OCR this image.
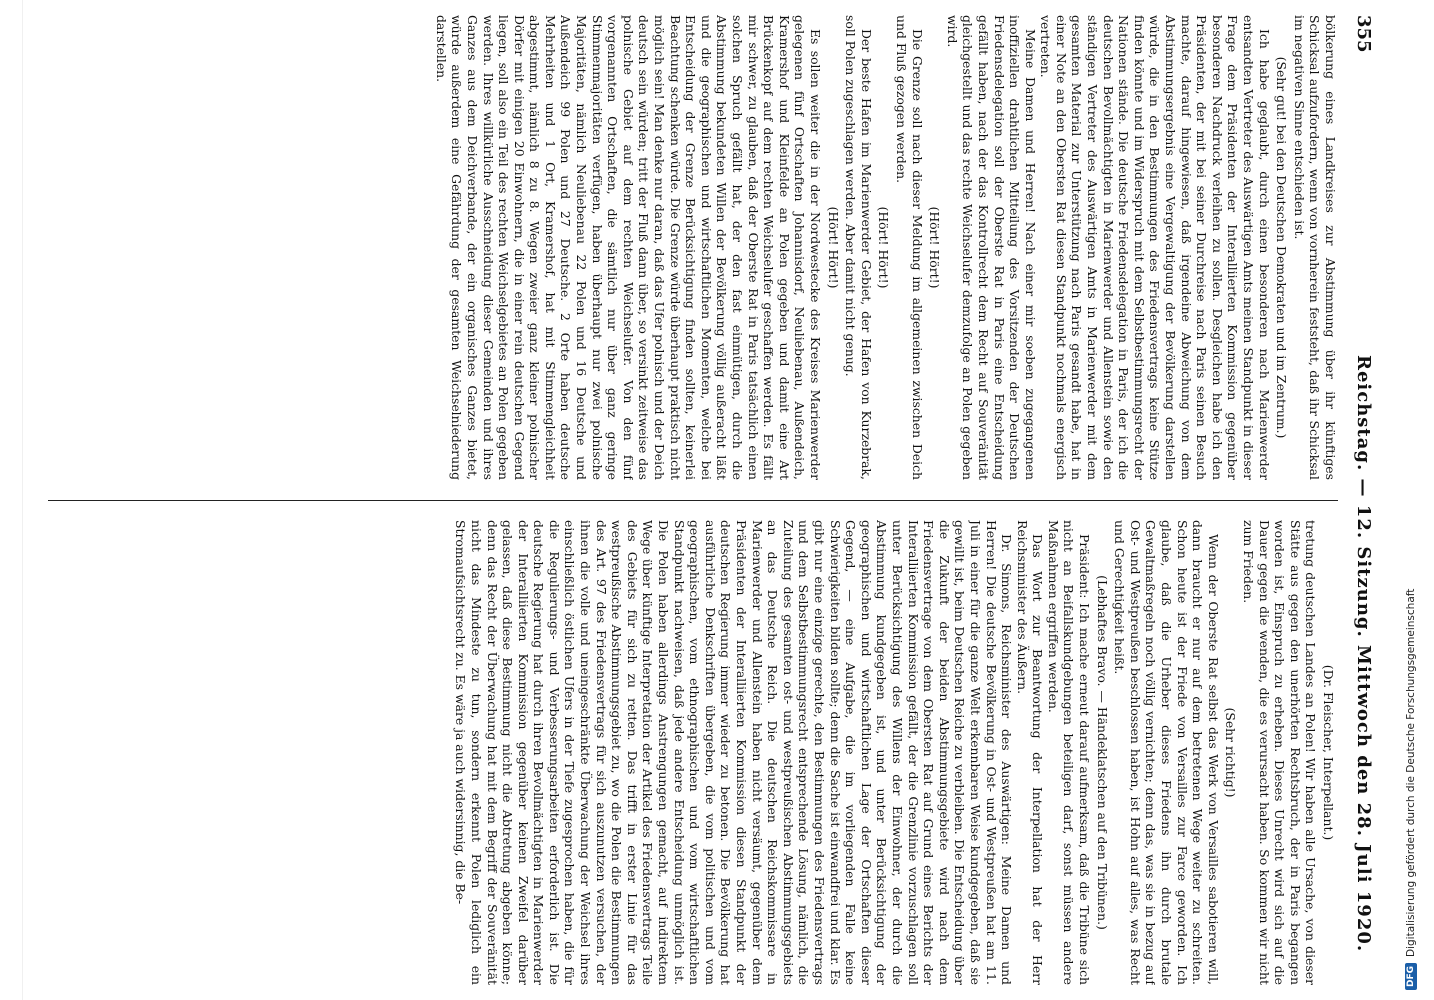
355
Reichstag. — 12. Sitzung. Mittwoch den 28. Juli 1920.

bölkerung eines Landkreises zur Abstimmung über ihr künftiges Schicksal aufzufordern, wenn von vornherein feststeht, daß ihr Schicksal im negativen Sinne entschieden ist.

(Sehr gut! bei den Deutschen Demokraten und im Zentrum.)

Ich habe geglaubt, durch einen besonderen nach Marienwerder entsandten Vertreter des Auswärtigen Amts meinen Standpunkt in dieser Frage dem Präsidenten der Interalliierten Kommission gegenüber besonderen Nachdruck verleihen zu sollen. Desgleichen habe ich den Präsidenten, der mit bei seiner Durchreise nach Paris seinen Besuch machte, darauf hingewiesen, daß irgendeine Abweichung von dem Abstimmungsergebnis eine Vergewaltigung der Bevölkerung darstellen würde, die in den Bestimmungen des Friedensvertrags keine Stütze finden könnte und im Widerspruch mit dem Selbstbestimmungsrecht der Nationen stände. Die deutsche Friedensdelegation in Paris, der ich die deutschen Bevollmächtigten in Marienwerder und Allenstein sowie den ständigen Vertreter des Auswärtigen Amts in Marienwerder mit dem gesamten Material zur Unterstützung nach Paris gesandt habe, hat in einer Note an den Obersten Rat diesen Standpunkt nochmals energisch vertreten.

Meine Damen und Herren! Nach einer mir soeben zugegangenen inoffiziellen drahtlichen Mitteilung des Vorsitzenden der Deutschen Friedensdelegation soll der Oberste Rat in Paris eine Entscheidung gefällt haben, nach der das Kontrollrecht dem Recht auf Souveränität gleichgestellt und das rechte Weichselufer demzufolge an Polen gegeben wird.

(Hört! Hört!)

Die Grenze soll nach dieser Meldung im allgemeinen zwischen Deich und Fluß gezogen werden.

(Hört! Hört!)

Der beste Hafen im Marienwerder Gebiet, der Hafen von Kurzebrak, soll Polen zugeschlagen werden. Aber damit nicht genug.

(Hört! Hört!)

Es sollen weiter die in der Nordwestecke des Kreises Marienwerder gelegenen fünf Ortschaften Johannisdorf, Neuliebenau, Außendeich, Kramershof und Kleinfelde an Polen gegeben und damit eine Art Brückenkopf auf dem rechten Weichselufer geschaffen werden. Es fällt mir schwer, zu glauben, daß der Oberste Rat in Paris tatsächlich einen solchen Spruch gefällt hat, der den fast einmütigen, durch die Abstimmung bekundeten Willen der Bevölkerung völlig außeracht läßt und die geographischen und wirtschaftlichen Momenten, welche bei Entscheidung der Grenze Berücksichtigung finden sollten, keinerlei Beachtung schenken würde. Die Grenze würde überhaupt praktisch nicht möglich sein! Man denke nur daran, daß das Ufer polnisch und der Deich deutsch sein würden; tritt der Fluß dann über, so versinkt zeitweise das polnische Gebiet auf dem rechten Weichselufer. Von den fünf vorgenannten Ortschaften, die sämtlich nur über ganz geringe Stimmenmajoritäten verfügen, haben überhaupt nur zwei polnische Majoritäten, nämlich Neuliebenau 22 Polen und 16 Deutsche und Außendeich 99 Polen und 27 Deutsche. 2 Orte haben deutsche Mehrheiten und 1 Ort, Kramershof, hat mit Stimmengleichheit abgestimmt, nämlich 8 zu 8. Wegen zweier ganz kleiner polnischer Dörfer mit einigen 20 Einwohnern, die in einer rein deutschen Gegend liegen, soll also ein Teil des rechten Weichselgebietes an Polen gegeben werden. Ihres willkürliche Ausschneidung dieser Gemeinden und ihres Ganzes aus dem Deichverbande, der ein organisches Ganzes bietet, würde außerdem eine Gefährdung der gesamten Weichselniederung darstellen.

(Dr. Fleischer, Interpellant.)

tretung deutschen Landes an Polen! Wir haben alle Ursache, von dieser Stätte aus gegen den unerhörten Rechtsbruch, der in Paris begangen worden ist, Einspruch zu erheben. Dieses Unrecht wird sich auf die Dauer gegen die wenden, die es verursacht haben. So kommen wir nicht zum Frieden.

(Sehr richtig!)

Wenn der Oberste Rat selbst das Werk von Versailles sabotieren will, dann braucht er nur auf dem betretenen Wege weiter zu schreiten. Schon heute ist der Friede von Versailles zur Farce geworden. Ich glaube, daß die Urheber dieses Friedens ihn durch brutale Gewaltmaßregeln noch völlig vernichten; denn das, was sie in bezug auf Ost- und Westpreußen beschlossen haben, ist Hohn auf alles, was Recht und Gerechtigkeit heißt.

(Lebhaftes Bravo. — Händeklatschen auf den Tribünen.)

Präsident: Ich mache erneut darauf aufmerksam, daß die Tribüne sich nicht an Beifallskundgebungen beteiligen darf, sonst müssen andere Maßnahmen ergriffen werden.

Das Wort zur Beantwortung der Interpellation hat der Herr Reichsminister des Äußern.

Dr. Simons, Reichsminister des Auswärtigen: Meine Damen und Herren! Die deutsche Bevölkerung in Ost- und Westpreußen hat am 11. Juli in einer für die ganze Welt erkennbaren Weise kundgegeben, daß sie gewillt ist, beim Deutschen Reiche zu verbleiben. Die Entscheidung über die Zukunft der beiden Abstimmungsgebiete wird nach dem Friedensvertrage von dem Obersten Rat auf Grund eines Berichts der Interalliierten Kommission gefällt, der die Grenzlinie vorzuschlagen soll unter Berücksichtigung des Willens der Einwohner, der durch die Abstimmung kundgegeben ist, und unter Berücksichtigung der geographischen und wirtschaftlichen Lage der Ortschaften dieser Gegend, — eine Aufgabe, die im vorliegenden Falle keine Schwierigkeiten bilden sollte; denn die Sache ist einwandfrei und klar. Es gibt nur eine einzige gerechte, den Bestimmungen des Friedensvertrags und dem Selbstbestimmungsrecht entsprechende Lösung, nämlich, die Zuteilung des gesamten ost- und westpreußischen Abstimmungsgebiets an das Deutsche Reich. Die deutschen Reichskommissare in Marienwerder und Allenstein haben nicht versäumt, gegenüber dem Präsidenten der Interalliierten Kommission diesen Standpunkt der deutschen Regierung immer wieder zu betonen. Die Bevölkerung hat ausführliche Denkschriften übergeben, die vom politischen und vom geographischen, vom ethnographischen und vom wirtschaftlichen Standpunkt nachweisen, daß jede andere Entscheidung unmöglich ist. Die Polen haben allerdings Anstrengungen gemacht, auf indirektem Wege über künftige Interpretation der Artikel des Friedensvertrags Teile des Gebiets für sich zu retten. Das trifft in erster Linie für das westpreußische Abstimmungsgebiet zu, wo die Polen die Bestimmungen des Art. 97 des Friedensvertrags für sich auszunutzen versuchen, der ihnen die volle und uneingeschränkte Überwachung der Weichsel ihres einschließlich östlichen Ufers in der Tiefe zugesprochen haben, die für die Regulierungs- und Verbesserungsarbeiten erforderlich ist. Die deutsche Regierung hat durch ihren Bevollmächtigten in Marienwerder der Interalliierten Kommission gegenüber keinen Zweifel darüber gelassen, daß diese Bestimmung nicht die Abtretung abgeben könne; denn das Recht der Überwachung hat mit dem Begriff der Souveränität nicht das Mindeste zu tun, sondern erkennt Polen lediglich ein Stromaufsichtsrecht zu. Es wäre ja auch widersinnig, die Be-

DFG
Digitalisierung gefördert durch die Deutsche Forschungsgemeinschaft
